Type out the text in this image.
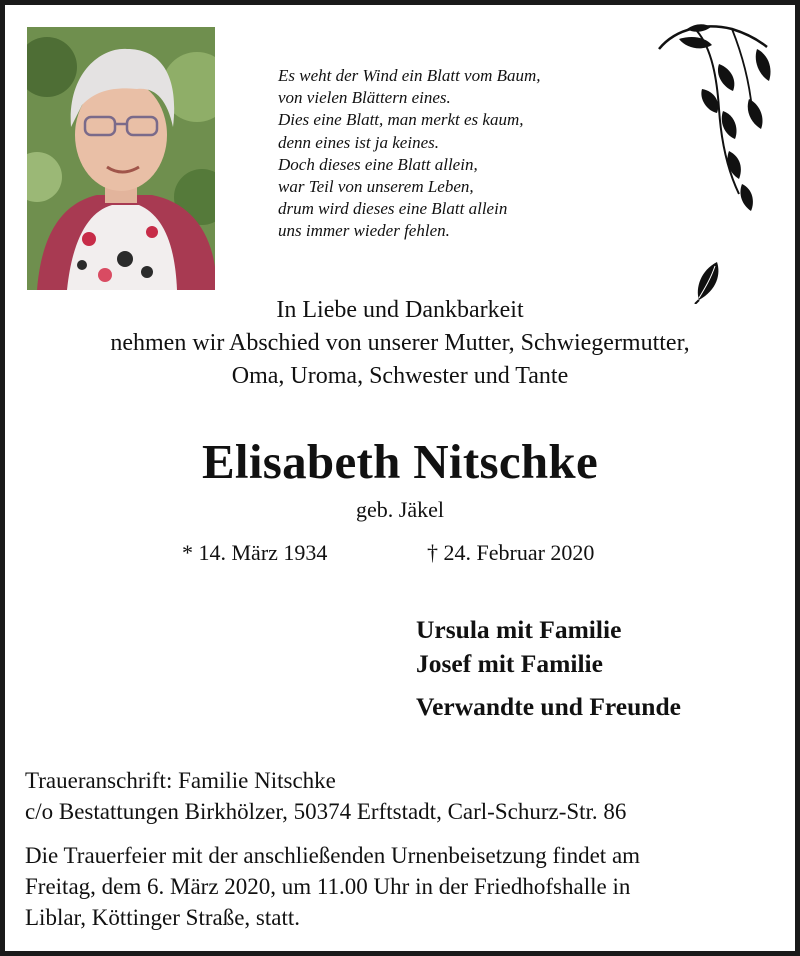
Es weht der Wind ein Blatt vom Baum,
von vielen Blättern eines.
Dies eine Blatt, man merkt es kaum,
denn eines ist ja keines.
Doch dieses eine Blatt allein,
war Teil von unserem Leben,
drum wird dieses eine Blatt allein
uns immer wieder fehlen.
In Liebe und Dankbarkeit
nehmen wir Abschied von unserer Mutter, Schwiegermutter,
Oma, Uroma, Schwester und Tante
Elisabeth Nitschke
geb. Jäkel
* 14. März 1934	† 24. Februar 2020
Ursula mit Familie
Josef mit Familie
Verwandte und Freunde
Traueranschrift: Familie Nitschke
c/o Bestattungen Birkhölzer, 50374 Erftstadt, Carl-Schurz-Str. 86
Die Trauerfeier mit der anschließenden Urnenbeisetzung findet am
Freitag, dem 6. März 2020, um 11.00 Uhr in der Friedhofshalle in
Liblar, Köttinger Straße, statt.
